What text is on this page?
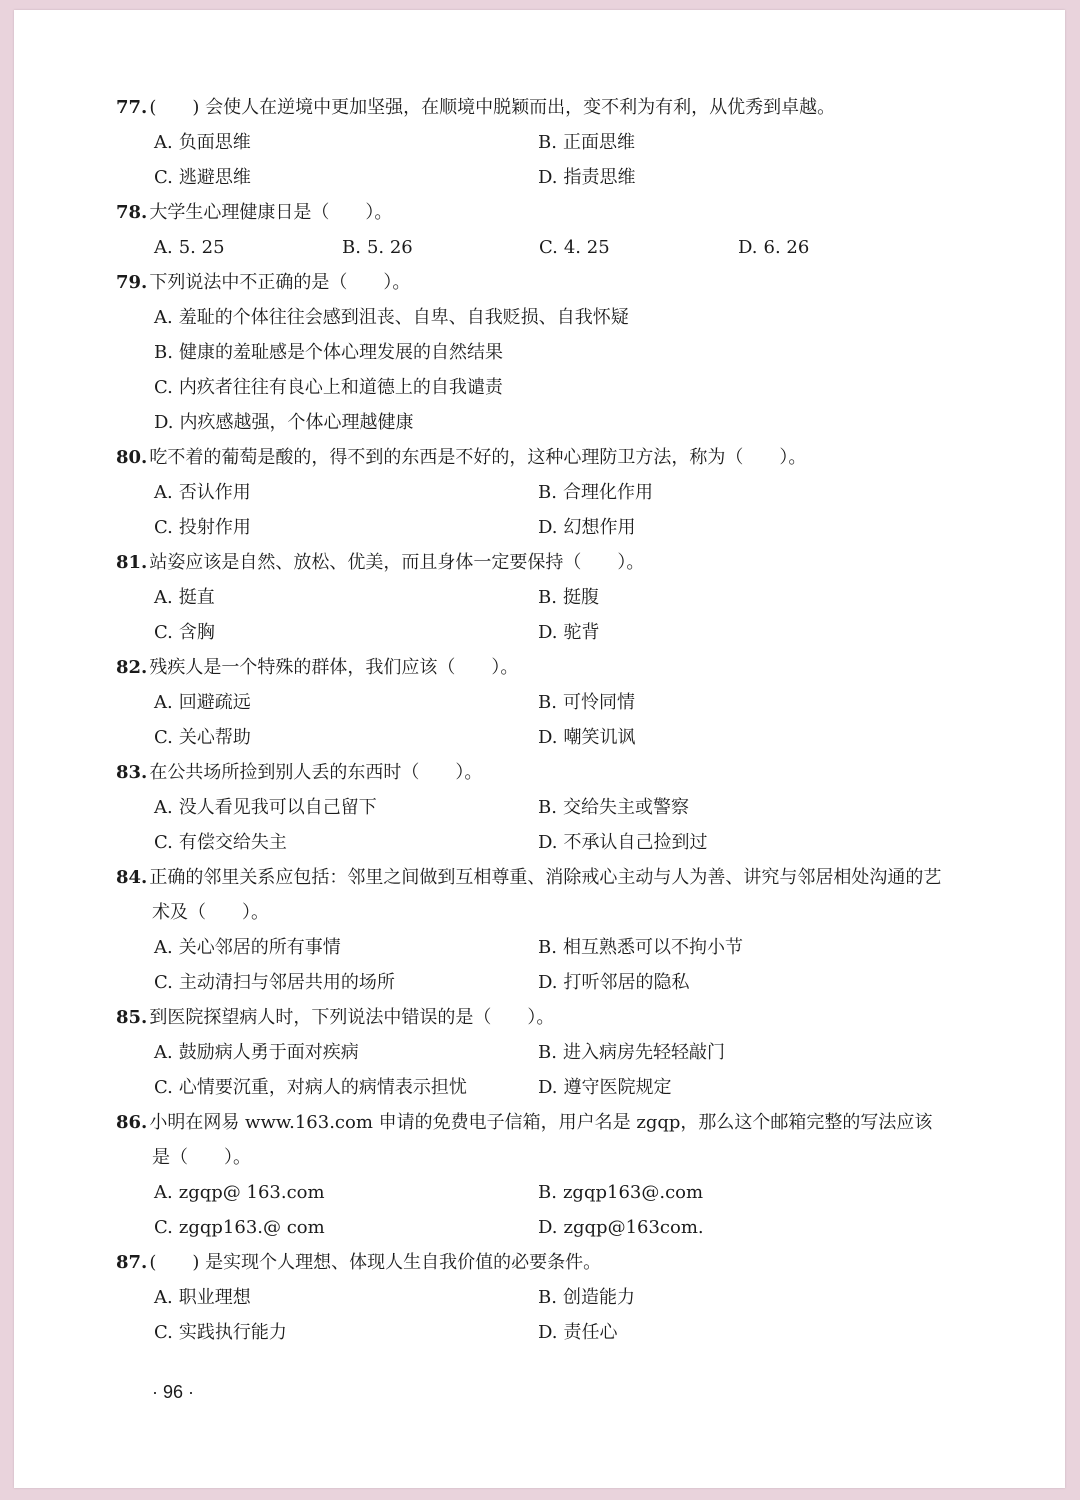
77. (　　) 会使人在逆境中更加坚强，在顺境中脱颖而出，变不利为有利，从优秀到卓越。
A. 负面思维	B. 正面思维
C. 逃避思维	D. 指责思维
78. 大学生心理健康日是（　　）。
A. 5. 25	B. 5. 26	C. 4. 25	D. 6. 26
79. 下列说法中不正确的是（　　）。
A. 羞耻的个体往往会感到沮丧、自卑、自我贬损、自我怀疑
B. 健康的羞耻感是个体心理发展的自然结果
C. 内疚者往往有良心上和道德上的自我谴责
D. 内疚感越强，个体心理越健康
80. 吃不着的葡萄是酸的，得不到的东西是不好的，这种心理防卫方法，称为（　　）。
A. 否认作用	B. 合理化作用
C. 投射作用	D. 幻想作用
81. 站姿应该是自然、放松、优美，而且身体一定要保持（　　）。
A. 挺直	B. 挺腹
C. 含胸	D. 驼背
82. 残疾人是一个特殊的群体，我们应该（　　）。
A. 回避疏远	B. 可怜同情
C. 关心帮助	D. 嘲笑讥讽
83. 在公共场所捡到别人丢的东西时（　　）。
A. 没人看见我可以自己留下	B. 交给失主或警察
C. 有偿交给失主	D. 不承认自己捡到过
84. 正确的邻里关系应包括：邻里之间做到互相尊重、消除戒心主动与人为善、讲究与邻居相处沟通的艺
术及（　　）。
A. 关心邻居的所有事情	B. 相互熟悉可以不拘小节
C. 主动清扫与邻居共用的场所	D. 打听邻居的隐私
85. 到医院探望病人时，下列说法中错误的是（　　）。
A. 鼓励病人勇于面对疾病	B. 进入病房先轻轻敲门
C. 心情要沉重，对病人的病情表示担忧	D. 遵守医院规定
86. 小明在网易 www.163.com 申请的免费电子信箱，用户名是 zgqp，那么这个邮箱完整的写法应该
是（　　）。
A. zgqp@ 163.com	B. zgqp163@.com
C. zgqp163.@ com	D. zgqp@163com.
87. (　　) 是实现个人理想、体现人生自我价值的必要条件。
A. 职业理想	B. 创造能力
C. 实践执行能力	D. 责任心
· 96 ·
